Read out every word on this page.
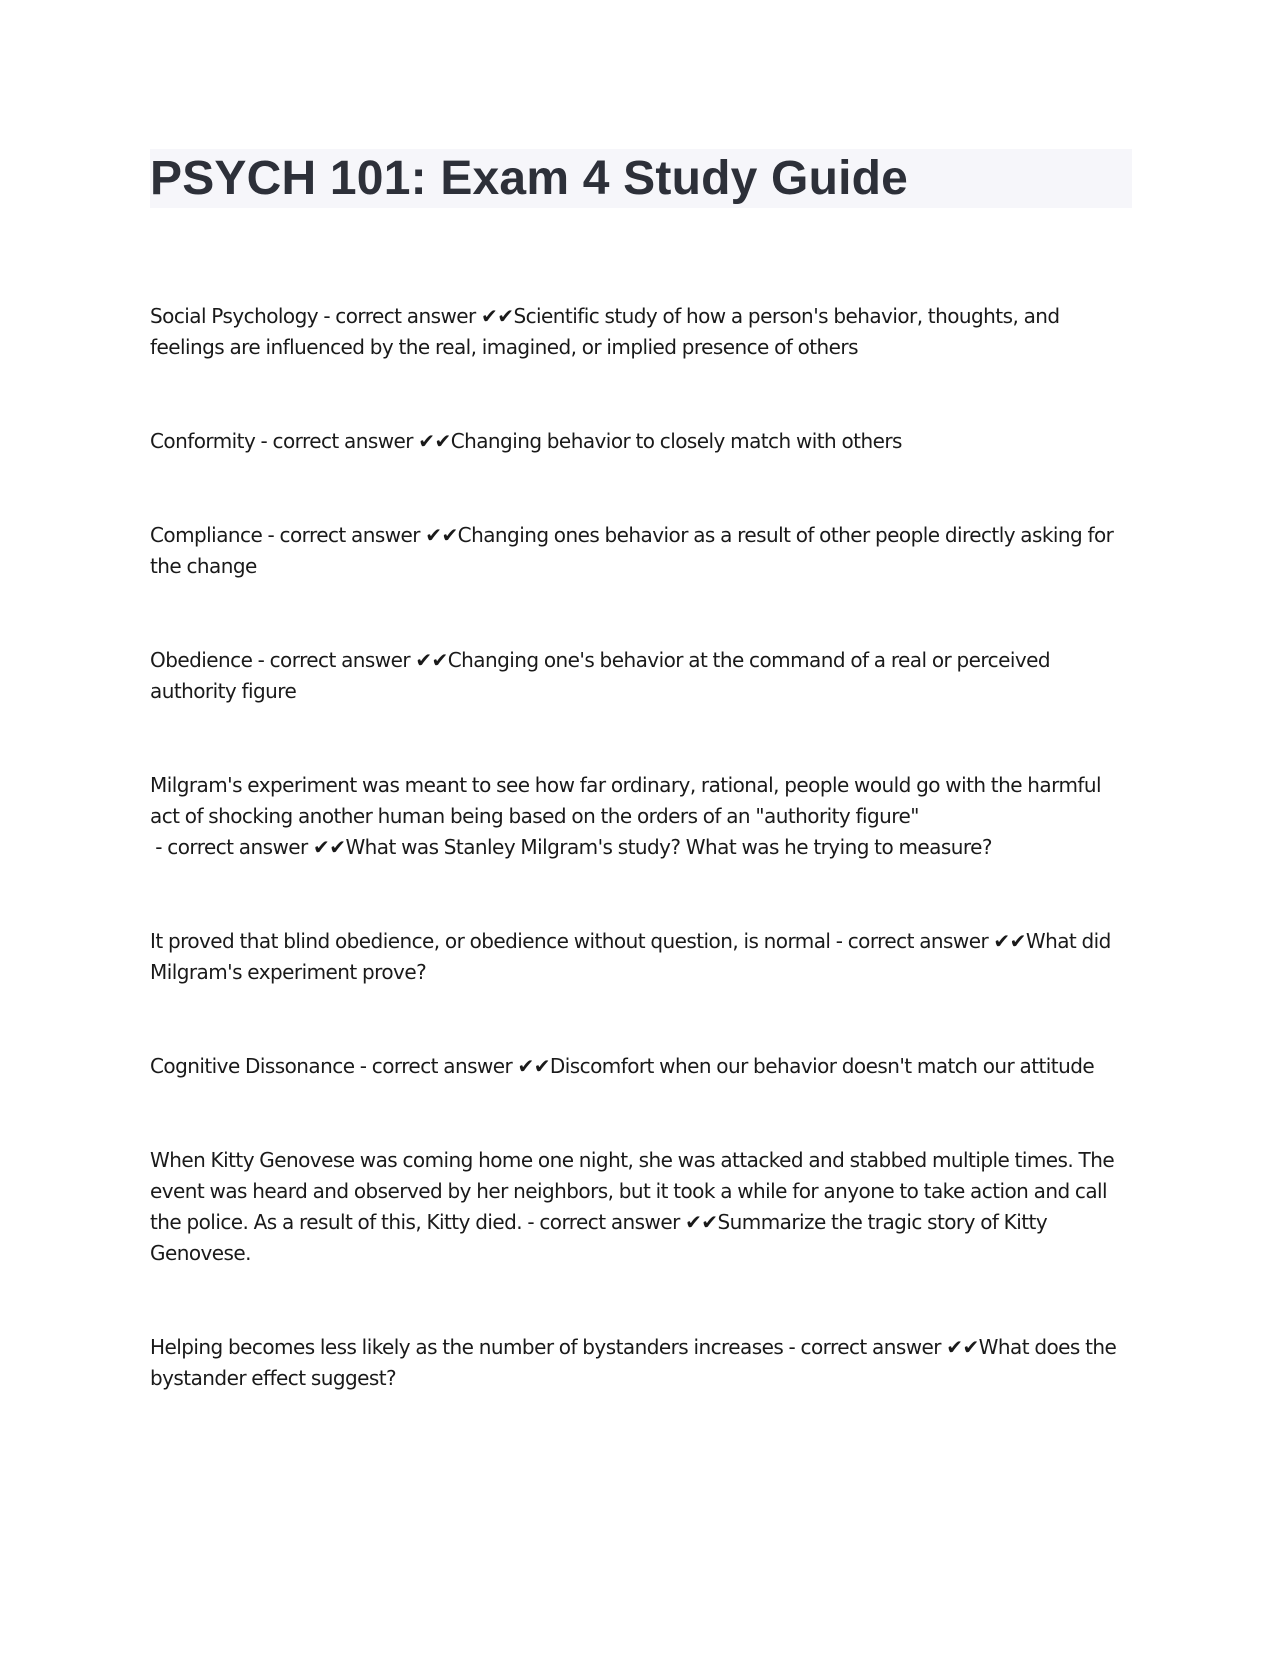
PSYCH 101: Exam 4 Study Guide

Social Psychology - correct answer ✔✔Scientific study of how a person's behavior, thoughts, and feelings are influenced by the real, imagined, or implied presence of others

Conformity - correct answer ✔✔Changing behavior to closely match with others

Compliance - correct answer ✔✔Changing ones behavior as a result of other people directly asking for the change

Obedience - correct answer ✔✔Changing one's behavior at the command of a real or perceived authority figure

Milgram's experiment was meant to see how far ordinary, rational, people would go with the harmful act of shocking another human being based on the orders of an "authority figure" - correct answer ✔✔What was Stanley Milgram's study? What was he trying to measure?

It proved that blind obedience, or obedience without question, is normal - correct answer ✔✔What did Milgram's experiment prove?

Cognitive Dissonance - correct answer ✔✔Discomfort when our behavior doesn't match our attitude

When Kitty Genovese was coming home one night, she was attacked and stabbed multiple times. The event was heard and observed by her neighbors, but it took a while for anyone to take action and call the police. As a result of this, Kitty died. - correct answer ✔✔Summarize the tragic story of Kitty Genovese.

Helping becomes less likely as the number of bystanders increases - correct answer ✔✔What does the bystander effect suggest?
